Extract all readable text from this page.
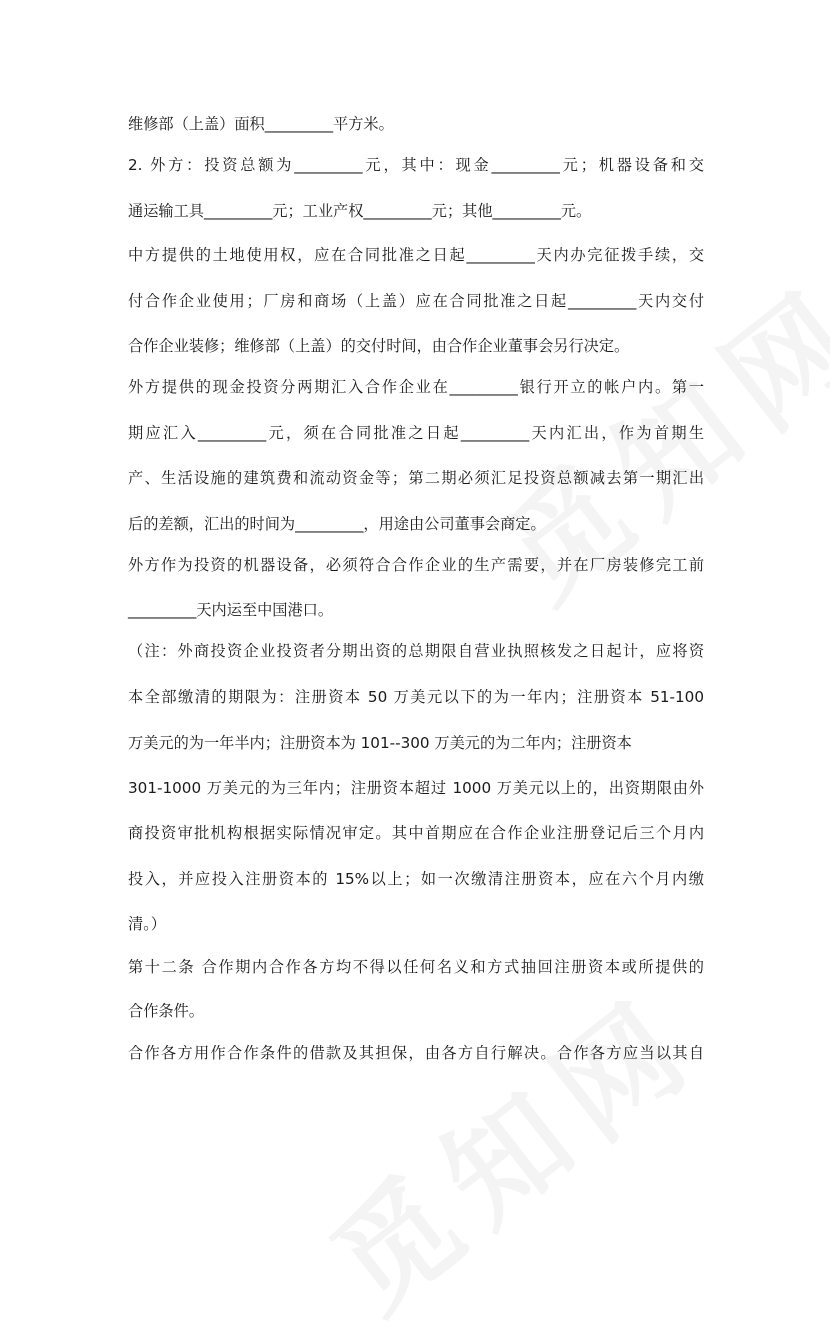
维修部（上盖）面积_________平方米。
2. 外方：投资总额为_________元，其中：现金_________元；机器设备和交
通运输工具_________元；工业产权_________元；其他_________元。
中方提供的土地使用权，应在合同批准之日起_________天内办完征拨手续，交
付合作企业使用；厂房和商场（上盖）应在合同批准之日起_________天内交付
合作企业装修；维修部（上盖）的交付时间，由合作企业董事会另行决定。
外方提供的现金投资分两期汇入合作企业在_________银行开立的帐户内。第一
期应汇入_________元，须在合同批准之日起_________天内汇出，作为首期生
产、生活设施的建筑费和流动资金等；第二期必须汇足投资总额减去第一期汇出
后的差额，汇出的时间为_________，用途由公司董事会商定。
外方作为投资的机器设备，必须符合合作企业的生产需要，并在厂房装修完工前
_________天内运至中国港口。
（注：外商投资企业投资者分期出资的总期限自营业执照核发之日起计，应将资
本全部缴清的期限为：注册资本 50 万美元以下的为一年内；注册资本 51-100
万美元的为一年半内；注册资本为 101--300 万美元的为二年内；注册资本
301-1000 万美元的为三年内；注册资本超过 1000 万美元以上的，出资期限由外
商投资审批机构根据实际情况审定。其中首期应在合作企业注册登记后三个月内
投入，并应投入注册资本的 15%以上；如一次缴清注册资本，应在六个月内缴
清。）
第十二条 合作期内合作各方均不得以任何名义和方式抽回注册资本或所提供的
合作条件。
合作各方用作合作条件的借款及其担保，由各方自行解决。合作各方应当以其自
